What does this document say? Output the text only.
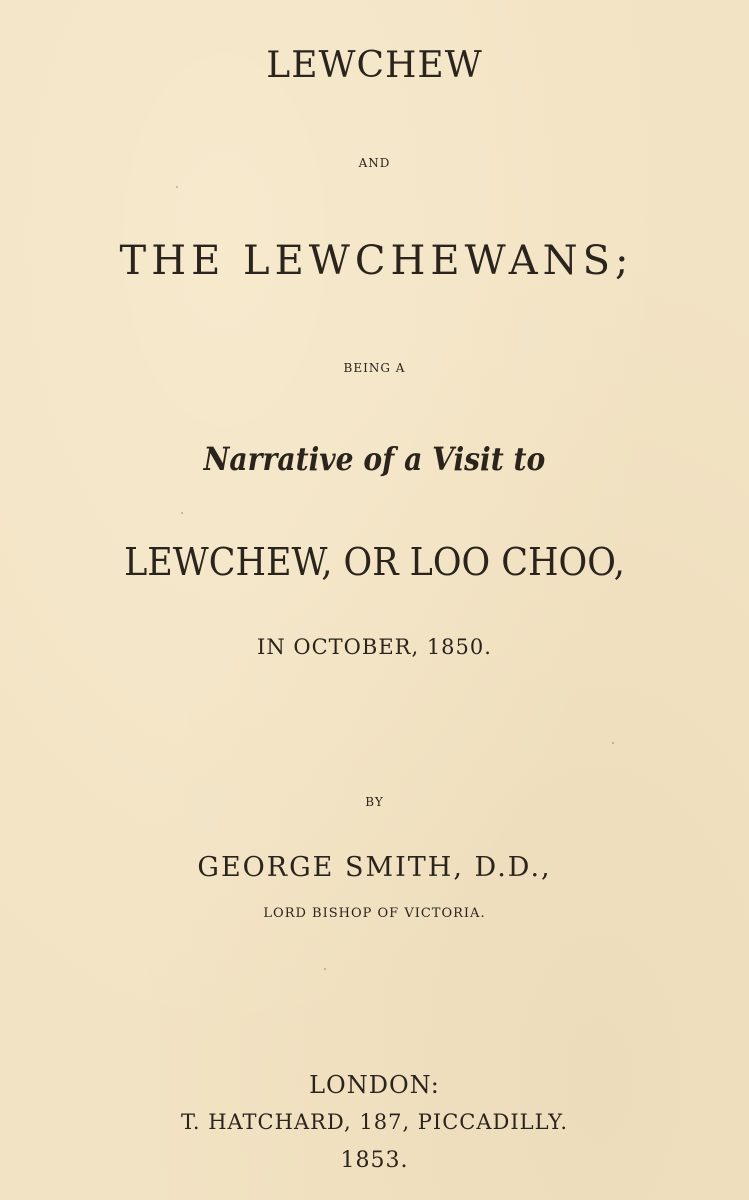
LEWCHEW
AND
THE LEWCHEWANS;
BEING A
Narrative of a Visit to
LEWCHEW, OR LOO CHOO,
IN OCTOBER, 1850.
BY
GEORGE SMITH, D.D.,
LORD BISHOP OF VICTORIA.
LONDON:
T. HATCHARD, 187, PICCADILLY.
1853.
